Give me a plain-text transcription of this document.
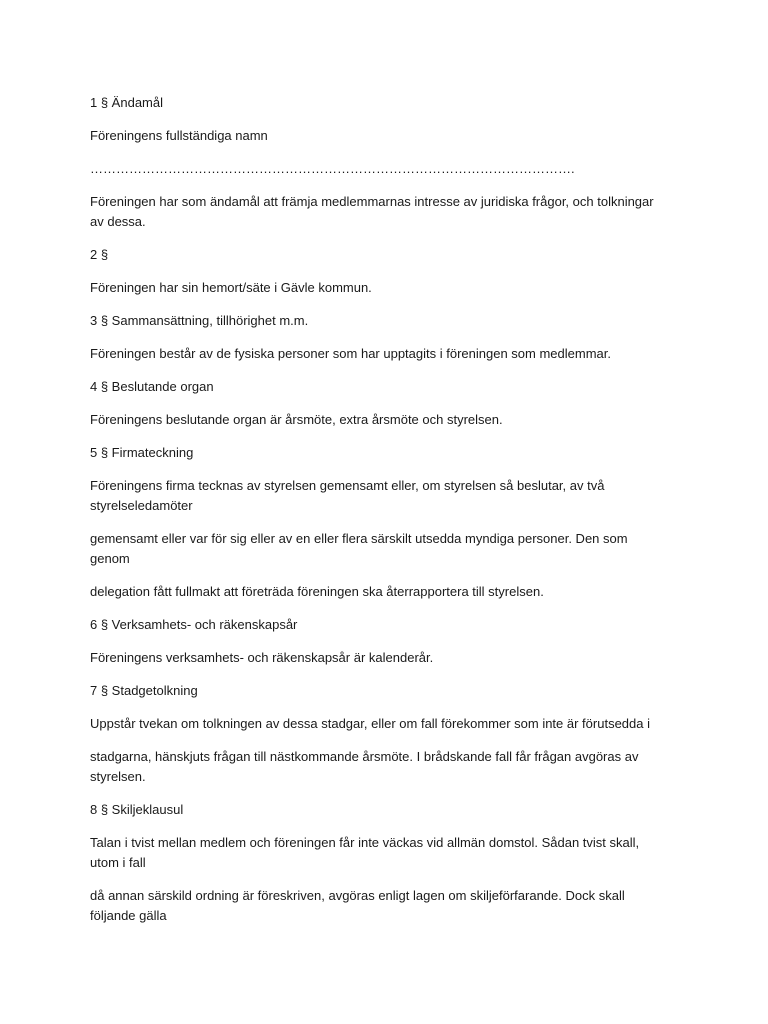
1 § Ändamål

Föreningens fullständiga namn

………………………………………………………………………………………………….

Föreningen har som ändamål att främja medlemmarnas intresse av juridiska frågor, och tolkningar av dessa.

2 §

Föreningen har sin hemort/säte i Gävle kommun.

3 § Sammansättning, tillhörighet m.m.

Föreningen består av de fysiska personer som har upptagits i föreningen som medlemmar.

4 § Beslutande organ

Föreningens beslutande organ är årsmöte, extra årsmöte och styrelsen.

5 § Firmateckning

Föreningens firma tecknas av styrelsen gemensamt eller, om styrelsen så beslutar, av två styrelseledamöter

gemensamt eller var för sig eller av en eller flera särskilt utsedda myndiga personer. Den som genom

delegation fått fullmakt att företräda föreningen ska återrapportera till styrelsen.

6 § Verksamhets- och räkenskapsår

Föreningens verksamhets- och räkenskapsår är kalenderår.

7 § Stadgetolkning

Uppstår tvekan om tolkningen av dessa stadgar, eller om fall förekommer som inte är förutsedda i

stadgarna, hänskjuts frågan till nästkommande årsmöte. I brådskande fall får frågan avgöras av styrelsen.

8 § Skiljeklausul

Talan i tvist mellan medlem och föreningen får inte väckas vid allmän domstol. Sådan tvist skall, utom i fall

då annan särskild ordning är föreskriven, avgöras enligt lagen om skiljeförfarande. Dock skall följande gälla
